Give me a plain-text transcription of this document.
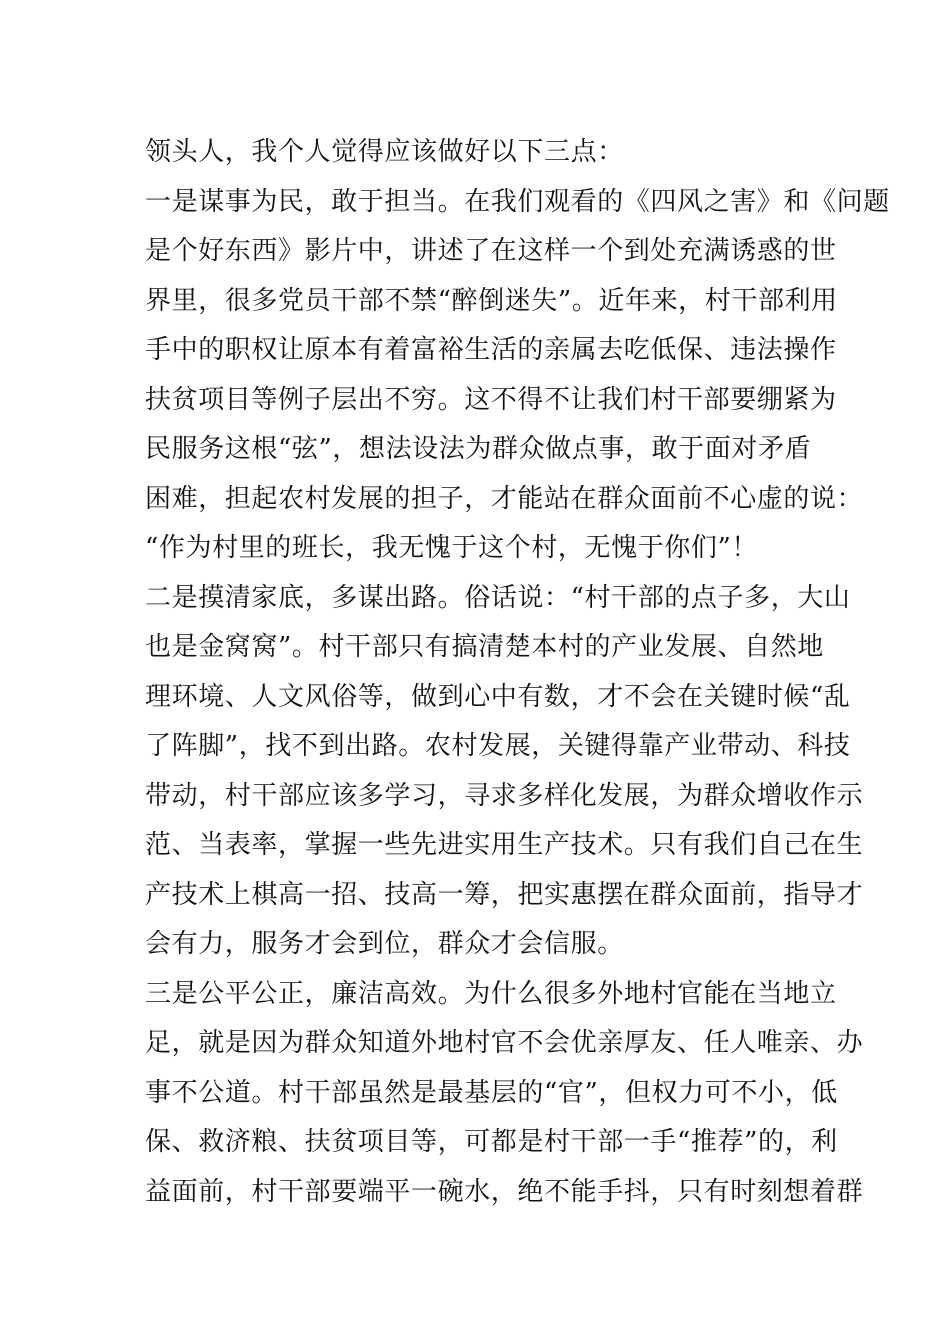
领头人，我个人觉得应该做好以下三点：
一是谋事为民，敢于担当。在我们观看的《四风之害》和《问题
是个好东西》影片中，讲述了在这样一个到处充满诱惑的世
界里，很多党员干部不禁“醉倒迷失”。近年来，村干部利用
手中的职权让原本有着富裕生活的亲属去吃低保、违法操作
扶贫项目等例子层出不穷。这不得不让我们村干部要绷紧为
民服务这根“弦”，想法设法为群众做点事，敢于面对矛盾
困难，担起农村发展的担子，才能站在群众面前不心虚的说：
“作为村里的班长，我无愧于这个村，无愧于你们”！
二是摸清家底，多谋出路。俗话说：“村干部的点子多，大山
也是金窝窝”。村干部只有搞清楚本村的产业发展、自然地
理环境、人文风俗等，做到心中有数，才不会在关键时候“乱
了阵脚”，找不到出路。农村发展，关键得靠产业带动、科技
带动，村干部应该多学习，寻求多样化发展，为群众增收作示
范、当表率，掌握一些先进实用生产技术。只有我们自己在生
产技术上棋高一招、技高一筹，把实惠摆在群众面前，指导才
会有力，服务才会到位，群众才会信服。
三是公平公正，廉洁高效。为什么很多外地村官能在当地立
足，就是因为群众知道外地村官不会优亲厚友、任人唯亲、办
事不公道。村干部虽然是最基层的“官”，但权力可不小，低
保、救济粮、扶贫项目等，可都是村干部一手“推荐”的，利
益面前，村干部要端平一碗水，绝不能手抖，只有时刻想着群
